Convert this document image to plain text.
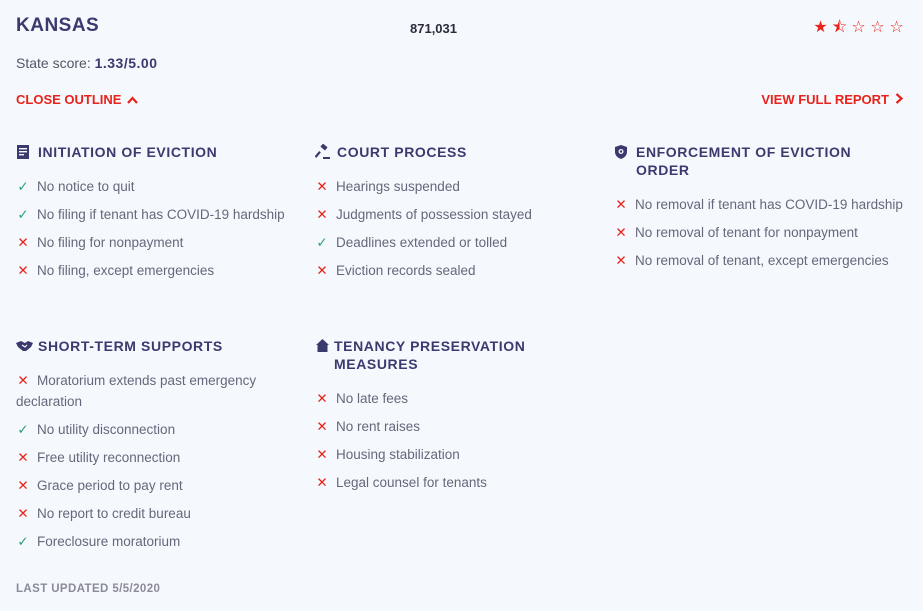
KANSAS	871,031	★ ⯪ ☆ ☆ ☆
State score: 1.33/5.00
CLOSE OUTLINE	VIEW FULL REPORT
INITIATION OF EVICTION
✓ No notice to quit
✓ No filing if tenant has COVID-19 hardship
✕ No filing for nonpayment
✕ No filing, except emergencies
COURT PROCESS
✕ Hearings suspended
✕ Judgments of possession stayed
✓ Deadlines extended or tolled
✕ Eviction records sealed
ENFORCEMENT OF EVICTION ORDER
✕ No removal if tenant has COVID-19 hardship
✕ No removal of tenant for nonpayment
✕ No removal of tenant, except emergencies
SHORT-TERM SUPPORTS
✕ Moratorium extends past emergency declaration
✓ No utility disconnection
✕ Free utility reconnection
✕ Grace period to pay rent
✕ No report to credit bureau
✓ Foreclosure moratorium
TENANCY PRESERVATION MEASURES
✕ No late fees
✕ No rent raises
✕ Housing stabilization
✕ Legal counsel for tenants
LAST UPDATED 5/5/2020
